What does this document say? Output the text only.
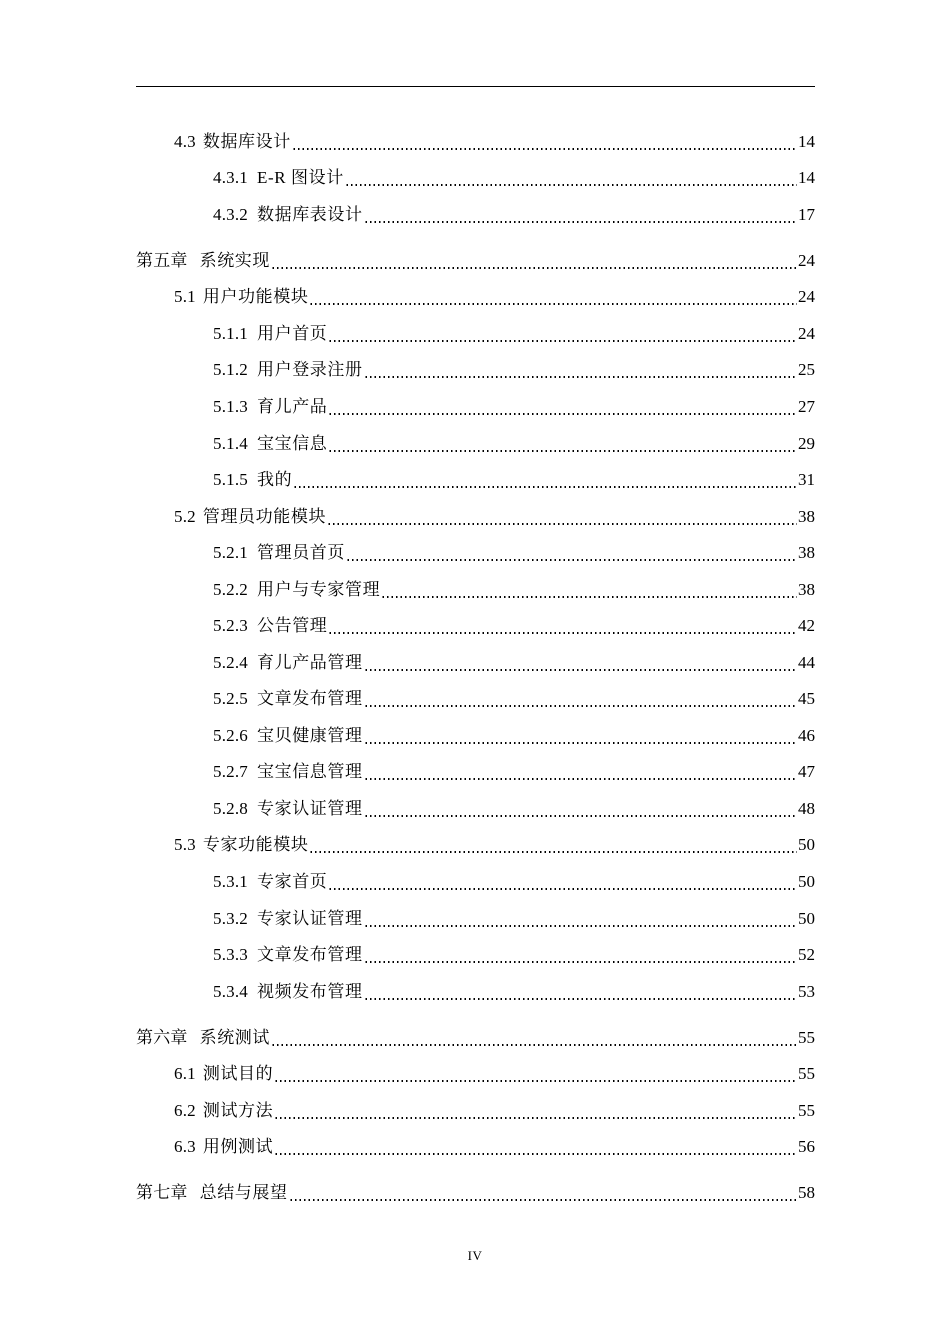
4.3 数据库设计	14
4.3.1 E-R 图设计	14
4.3.2 数据库表设计	17
第五章 系统实现	24
5.1 用户功能模块	24
5.1.1 用户首页	24
5.1.2 用户登录注册	25
5.1.3 育儿产品	27
5.1.4 宝宝信息	29
5.1.5 我的	31
5.2 管理员功能模块	38
5.2.1 管理员首页	38
5.2.2 用户与专家管理	38
5.2.3 公告管理	42
5.2.4 育儿产品管理	44
5.2.5 文章发布管理	45
5.2.6 宝贝健康管理	46
5.2.7 宝宝信息管理	47
5.2.8 专家认证管理	48
5.3 专家功能模块	50
5.3.1 专家首页	50
5.3.2 专家认证管理	50
5.3.3 文章发布管理	52
5.3.4 视频发布管理	53
第六章 系统测试	55
6.1 测试目的	55
6.2 测试方法	55
6.3 用例测试	56
第七章 总结与展望	58
IV
